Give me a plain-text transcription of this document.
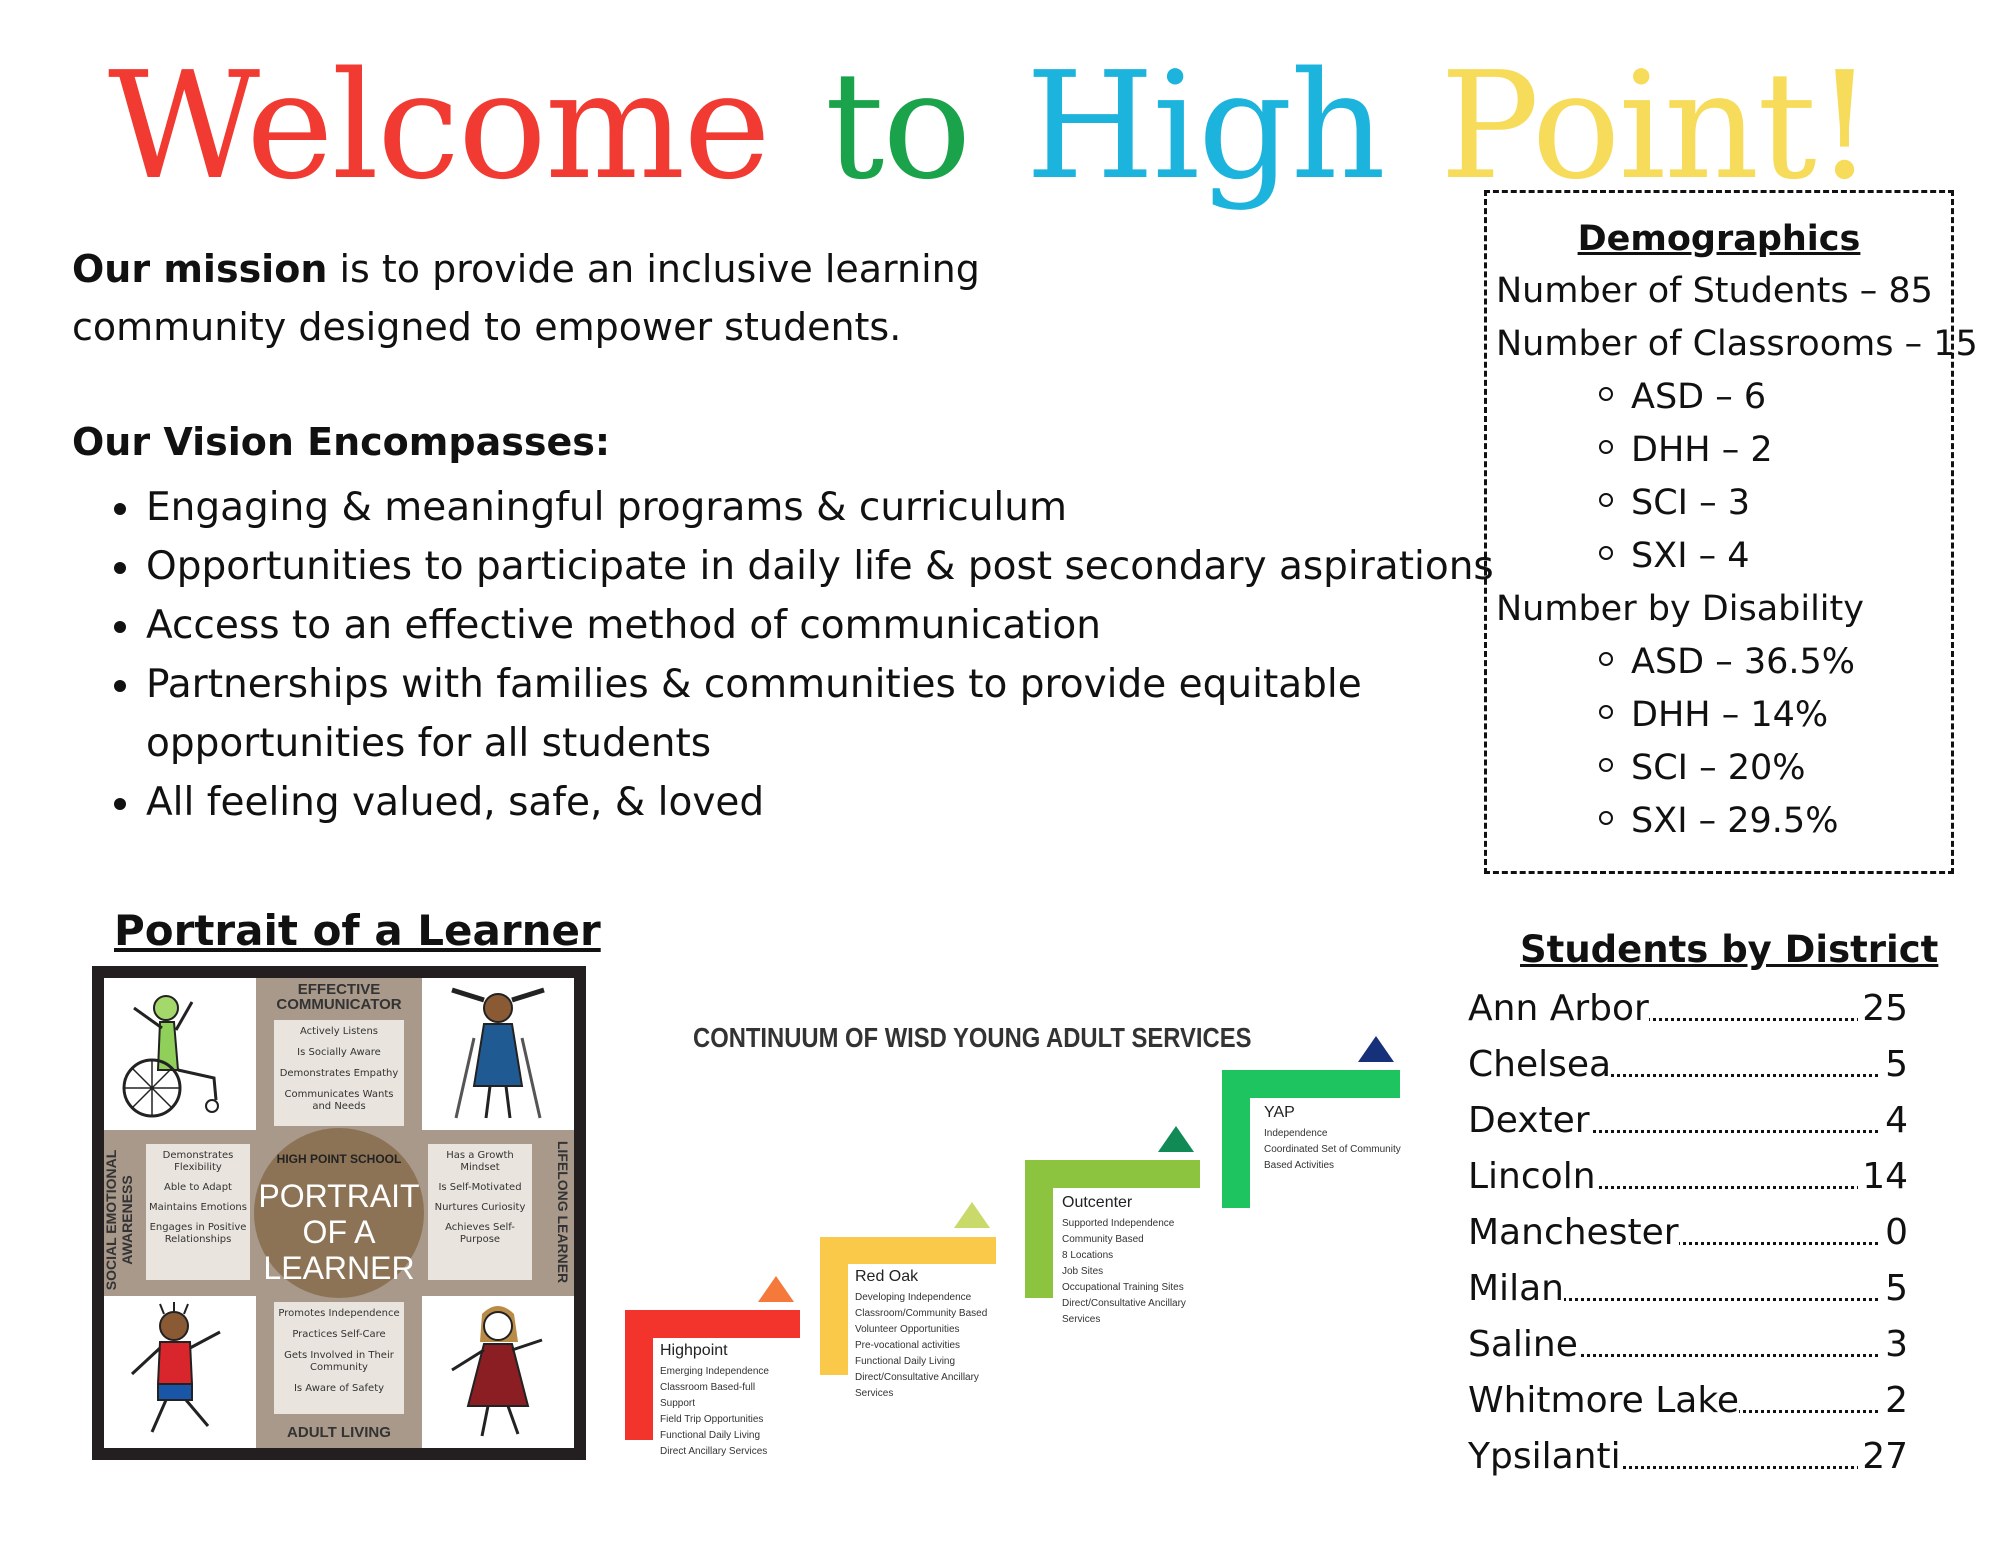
Welcome to High Point!
Our mission is to provide an inclusive learning community designed to empower students.
Our Vision Encompasses:
• Engaging & meaningful programs & curriculum
• Opportunities to participate in daily life & post secondary aspirations
• Access to an effective method of communication
• Partnerships with families & communities to provide equitable opportunities for all students
• All feeling valued, safe, & loved
Demographics
Number of Students – 85
Number of Classrooms – 15
ASD – 6
DHH – 2
SCI – 3
SXI – 4
Number by Disability
ASD – 36.5%
DHH – 14%
SCI – 20%
SXI – 29.5%
Portrait of a Learner
EFFECTIVE COMMUNICATOR
Actively Listens
Is Socially Aware
Demonstrates Empathy
Communicates Wants and Needs
SOCIAL EMOTIONAL AWARENESS
Demonstrates Flexibility
Able to Adapt
Maintains Emotions
Engages in Positive Relationships	LIFELONG LEARNER
Has a Growth Mindset
Is Self-Motivated
Nurtures Curiosity
Achieves Self-Purpose
Promotes Independence
Practices Self-Care
Gets Involved in Their Community
Is Aware of Safety
ADULT LIVING
HIGH POINT SCHOOL
PORTRAIT
OF A
LEARNER
CONTINUUM OF WISD YOUNG ADULT SERVICES
Highpoint
Emerging Independence
Classroom Based-full
Support
Field Trip Opportunities
Functional Daily Living
Direct Ancillary Services
Red Oak
Developing Independence
Classroom/Community Based
Volunteer Opportunities
Pre-vocational activities
Functional Daily Living
Direct/Consultative Ancillary
Services
Outcenter
Supported Independence
Community Based
8 Locations
Job Sites
Occupational Training Sites
Direct/Consultative Ancillary
Services
YAP
Independence
Coordinated Set of Community
Based Activities
Students by District
Ann Arbor	25
Chelsea	5
Dexter	4
Lincoln	14
Manchester	0
Milan	5
Saline	3
Whitmore Lake	2
Ypsilanti	27
